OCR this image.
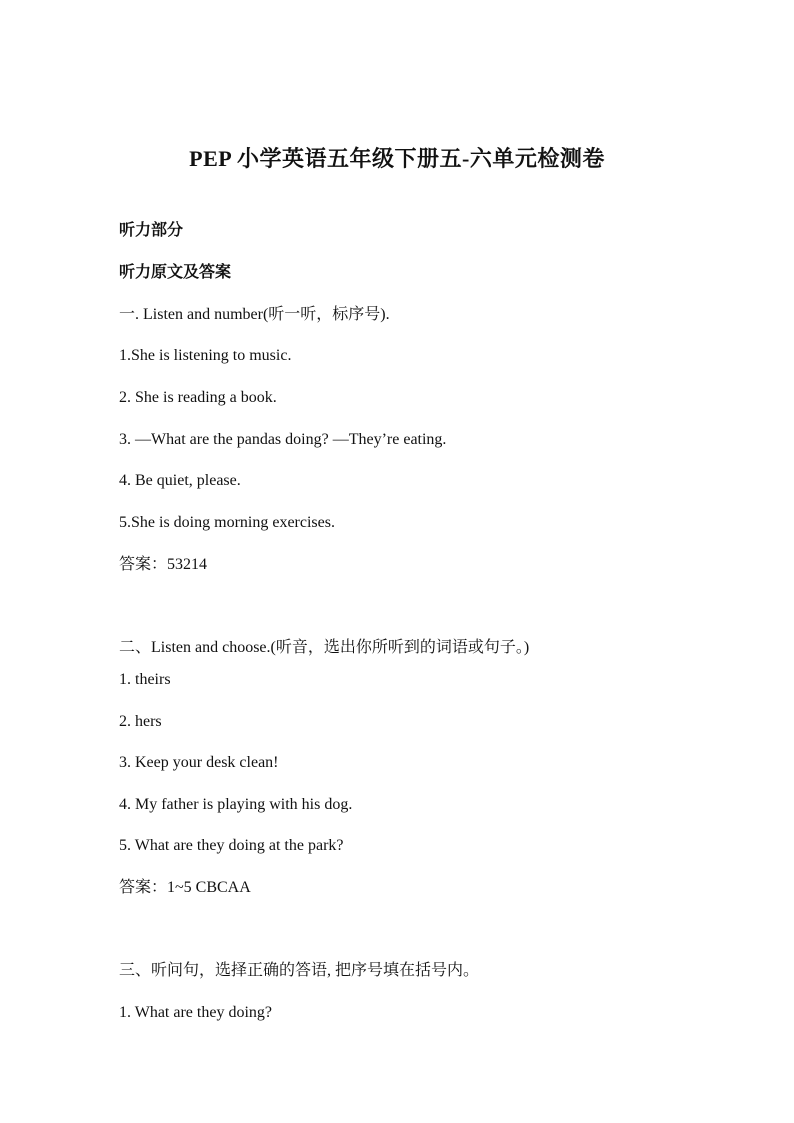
PEP 小学英语五年级下册五-六单元检测卷
听力部分
听力原文及答案
一. Listen and number(听一听，标序号).
1.She is listening to music.
2. She is reading a book.
3. —What are the pandas doing? —They’re eating.
4. Be quiet, please.
5.She is doing morning exercises.
答案：53214
二、Listen and choose.(听音，选出你所听到的词语或句子。)
1. theirs
2. hers
3. Keep your desk clean!
4. My father is playing with his dog.
5. What are they doing at the park?
答案：1~5 CBCAA
三、听问句，选择正确的答语, 把序号填在括号内。
1. What are they doing?
